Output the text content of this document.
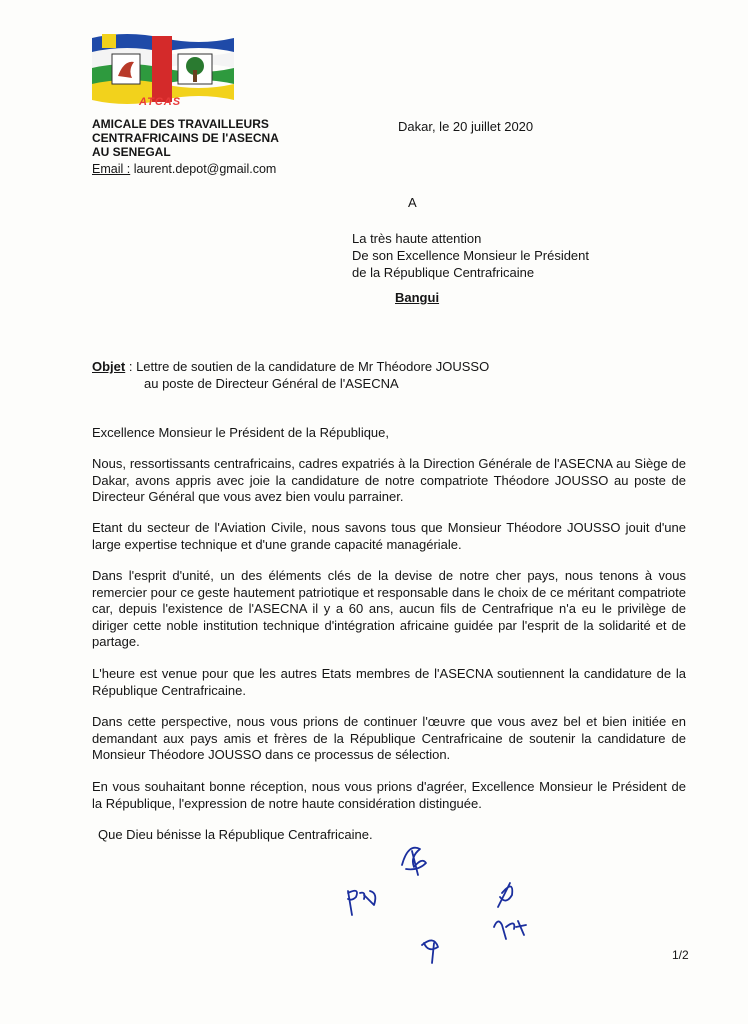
ATCAS
AMICALE DES TRAVAILLEURS
CENTRAFRICAINS DE l'ASECNA
AU SENEGAL
Email : laurent.depot@gmail.com
Dakar, le 20 juillet 2020
A
La très haute attention
De son Excellence Monsieur le Président
de la République Centrafricaine
Bangui
Objet : Lettre de soutien de la candidature de Mr Théodore JOUSSO
au poste de Directeur Général de l'ASECNA
Excellence Monsieur le Président de la République,
Nous, ressortissants centrafricains, cadres expatriés à la Direction Générale de l'ASECNA au Siège de Dakar, avons appris avec joie la candidature de notre compatriote Théodore JOUSSO au poste de Directeur Général que vous avez bien voulu parrainer.
Etant du secteur de l'Aviation Civile, nous savons tous que Monsieur Théodore JOUSSO jouit d'une large expertise technique et d'une grande capacité managériale.
Dans l'esprit d'unité, un des éléments clés de la devise de notre cher pays, nous tenons à vous remercier pour ce geste hautement patriotique et responsable dans le choix de ce méritant compatriote car, depuis l'existence de l'ASECNA il y a 60 ans, aucun fils de Centrafrique n'a eu le privilège de diriger cette noble institution technique d'intégration africaine guidée par l'esprit de la solidarité et de partage.
L'heure est venue pour que les autres Etats membres de l'ASECNA soutiennent la candidature de la République Centrafricaine.
Dans cette perspective, nous vous prions de continuer l'œuvre que vous avez bel et bien initiée en demandant aux pays amis et frères de la République Centrafricaine de soutenir la candidature de Monsieur Théodore JOUSSO dans ce processus de sélection.
En vous souhaitant bonne réception, nous vous prions d'agréer, Excellence Monsieur le Président de la République, l'expression de notre haute considération distinguée.
Que Dieu bénisse la République Centrafricaine.
1/2
